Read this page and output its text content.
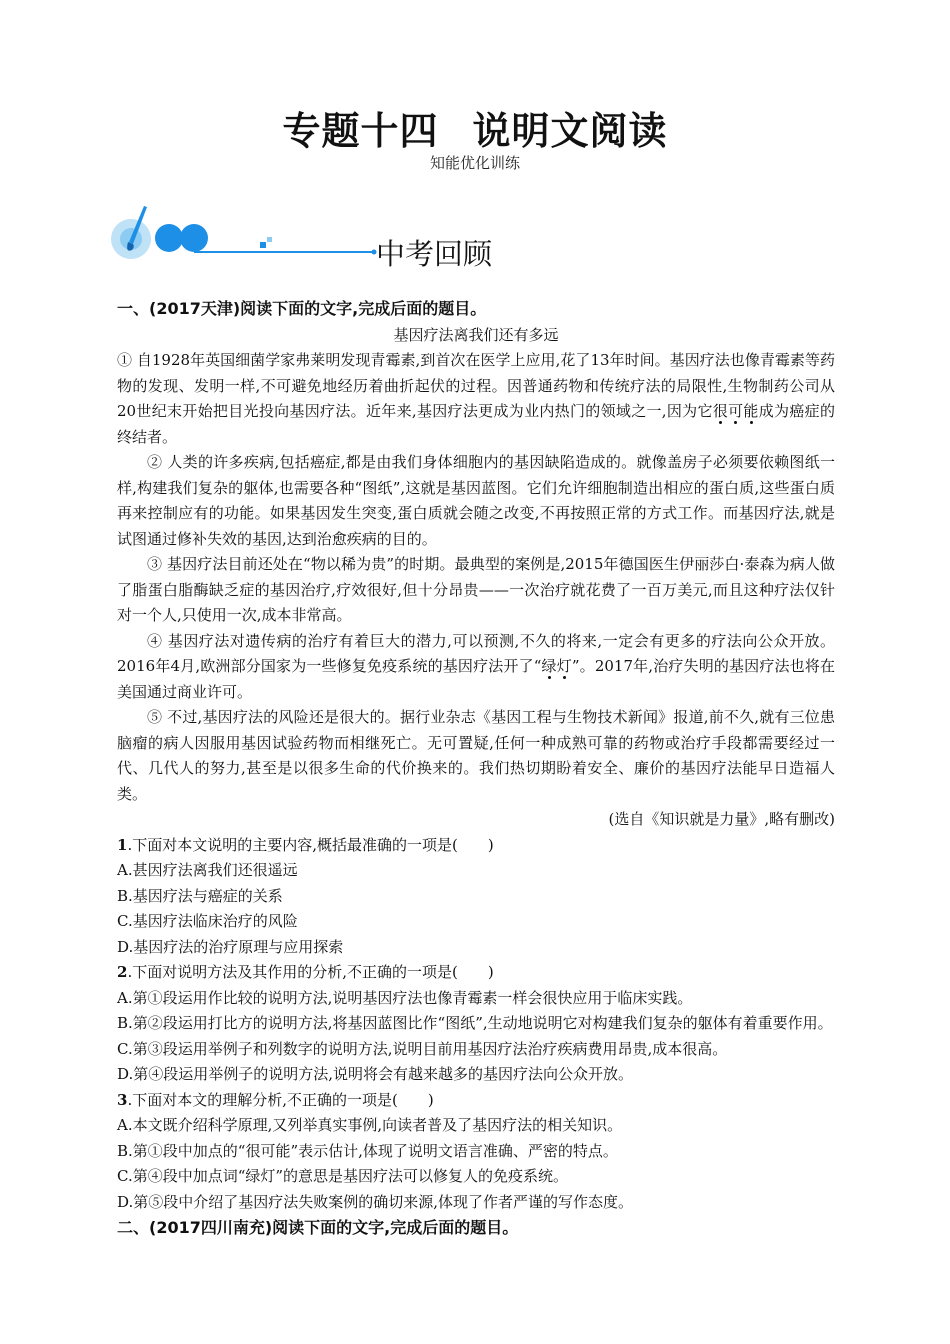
专题十四 说明文阅读
知能优化训练
中考回顾
一、(2017天津)阅读下面的文字,完成后面的题目。
基因疗法离我们还有多远

① 自1928年英国细菌学家弗莱明发现青霉素,到首次在医学上应用,花了13年时间。基因疗法也像青霉素等药物的发现、发明一样,不可避免地经历着曲折起伏的过程。因普通药物和传统疗法的局限性,生物制药公司从20世纪末开始把目光投向基因疗法。近年来,基因疗法更成为业内热门的领域之一,因为它很可能成为癌症的终结者。

② 人类的许多疾病,包括癌症,都是由我们身体细胞内的基因缺陷造成的。就像盖房子必须要依赖图纸一样,构建我们复杂的躯体,也需要各种“图纸”,这就是基因蓝图。它们允许细胞制造出相应的蛋白质,这些蛋白质再来控制应有的功能。如果基因发生突变,蛋白质就会随之改变,不再按照正常的方式工作。而基因疗法,就是试图通过修补失效的基因,达到治愈疾病的目的。

③ 基因疗法目前还处在“物以稀为贵”的时期。最典型的案例是,2015年德国医生伊丽莎白·泰森为病人做了脂蛋白脂酶缺乏症的基因治疗,疗效很好,但十分昂贵——一次治疗就花费了一百万美元,而且这种疗法仅针对一个人,只使用一次,成本非常高。

④ 基因疗法对遗传病的治疗有着巨大的潜力,可以预测,不久的将来,一定会有更多的疗法向公众开放。2016年4月,欧洲部分国家为一些修复免疫系统的基因疗法开了“绿灯”。2017年,治疗失明的基因疗法也将在美国通过商业许可。

⑤ 不过,基因疗法的风险还是很大的。据行业杂志《基因工程与生物技术新闻》报道,前不久,就有三位患脑瘤的病人因服用基因试验药物而相继死亡。无可置疑,任何一种成熟可靠的药物或治疗手段都需要经过一代、几代人的努力,甚至是以很多生命的代价换来的。我们热切期盼着安全、廉价的基因疗法能早日造福人类。

(选自《知识就是力量》,略有删改)

1.下面对本文说明的主要内容,概括最准确的一项是(　　)

A.甚因疗法离我们还很遥远

B.基因疗法与癌症的关系

C.基因疗法临床治疗的风险

D.基因疗法的治疗原理与应用探索

2.下面对说明方法及其作用的分析,不正确的一项是(　　)

A.第①段运用作比较的说明方法,说明基因疗法也像青霉素一样会很快应用于临床实践。

B.第②段运用打比方的说明方法,将基因蓝图比作“图纸”,生动地说明它对构建我们复杂的躯体有着重要作用。

C.第③段运用举例子和列数字的说明方法,说明目前用基因疗法治疗疾病费用昂贵,成本很高。

D.第④段运用举例子的说明方法,说明将会有越来越多的基因疗法向公众开放。

3.下面对本文的理解分析,不正确的一项是(　　)

A.本文既介绍科学原理,又列举真实事例,向读者普及了基因疗法的相关知识。

B.第①段中加点的“很可能”表示估计,体现了说明文语言准确、严密的特点。

C.第④段中加点词“绿灯”的意思是基因疗法可以修复人的免疫系统。

D.第⑤段中介绍了基因疗法失败案例的确切来源,体现了作者严谨的写作态度。

二、(2017四川南充)阅读下面的文字,完成后面的题目。
